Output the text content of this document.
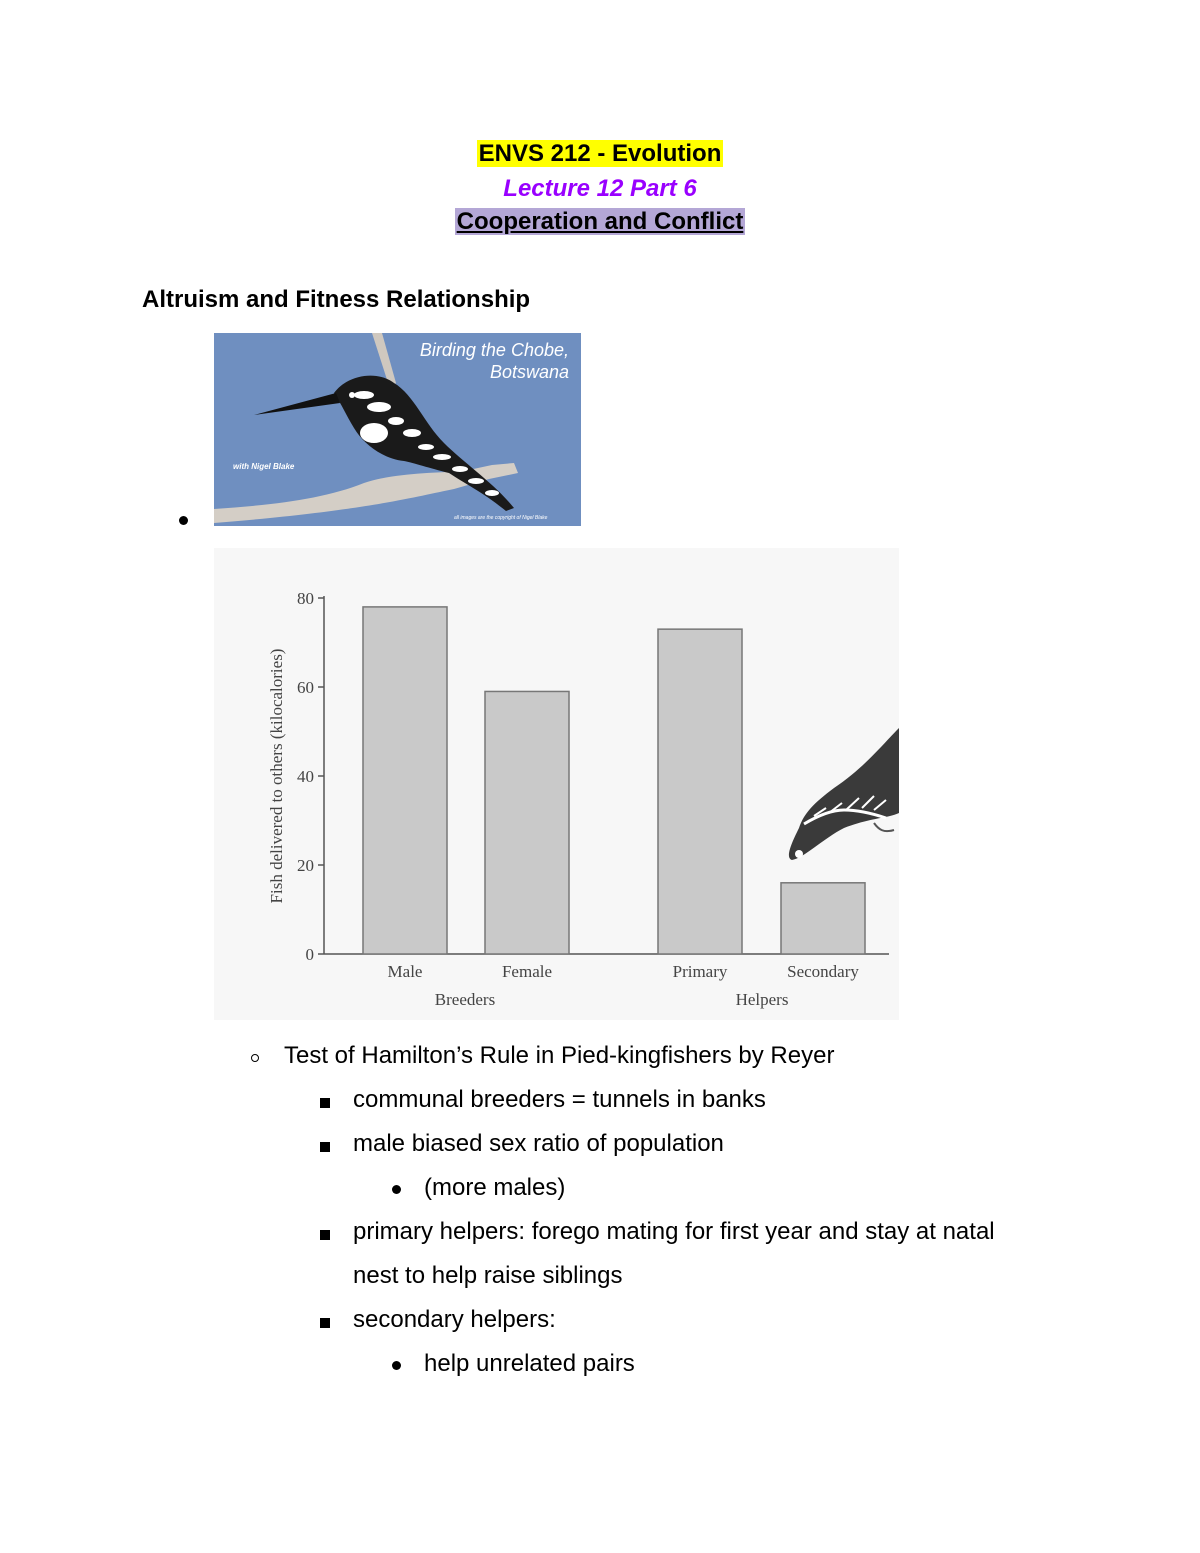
ENVS 212 - Evolution
Lecture 12 Part 6
Cooperation and Conflict
Altruism and Fitness Relationship
Birding the Chobe,
Botswana
with Nigel Blake
all images are the copyright of Nigel Blake
0
20
40
60
80
Fish delivered to others (kilocalories)
Male	Female	Primary	Secondary
Breeders	Helpers
Test of Hamilton’s Rule in Pied-kingfishers by Reyer
communal breeders = tunnels in banks
male biased sex ratio of population
(more males)
primary helpers: forego mating for first year and stay at natal
nest to help raise siblings
secondary helpers:
help unrelated pairs
